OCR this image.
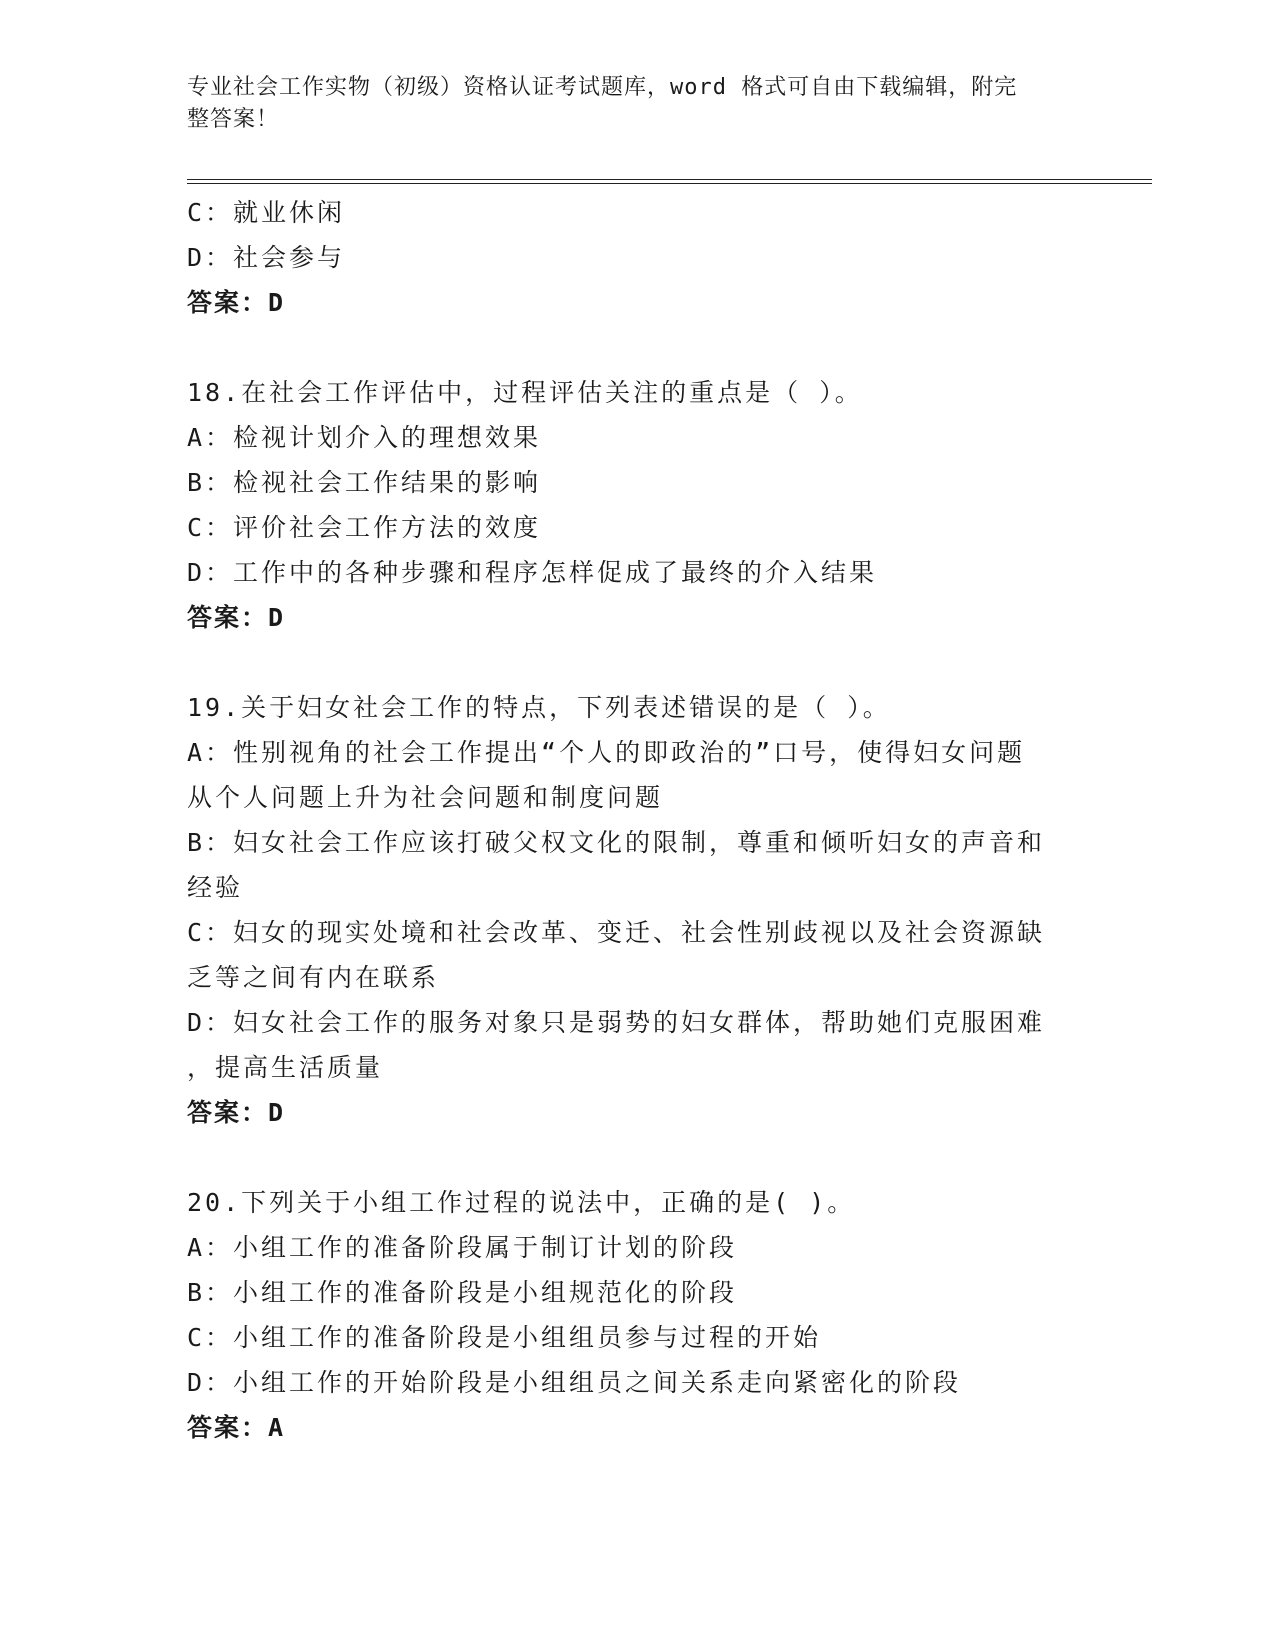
专业社会工作实物（初级）资格认证考试题库，word 格式可自由下载编辑，附完
整答案！
C：就业休闲
D：社会参与
答案：D
18.在社会工作评估中，过程评估关注的重点是（ ）。
A：检视计划介入的理想效果
B：检视社会工作结果的影响
C：评价社会工作方法的效度
D：工作中的各种步骤和程序怎样促成了最终的介入结果
答案：D
19.关于妇女社会工作的特点，下列表述错误的是（ ）。
A：性别视角的社会工作提出“个人的即政治的”口号，使得妇女问题
从个人问题上升为社会问题和制度问题
B：妇女社会工作应该打破父权文化的限制，尊重和倾听妇女的声音和
经验
C：妇女的现实处境和社会改革、变迁、社会性别歧视以及社会资源缺
乏等之间有内在联系
D：妇女社会工作的服务对象只是弱势的妇女群体，帮助她们克服困难
，提高生活质量
答案：D
20.下列关于小组工作过程的说法中，正确的是( )。
A：小组工作的准备阶段属于制订计划的阶段
B：小组工作的准备阶段是小组规范化的阶段
C：小组工作的准备阶段是小组组员参与过程的开始
D：小组工作的开始阶段是小组组员之间关系走向紧密化的阶段
答案：A
